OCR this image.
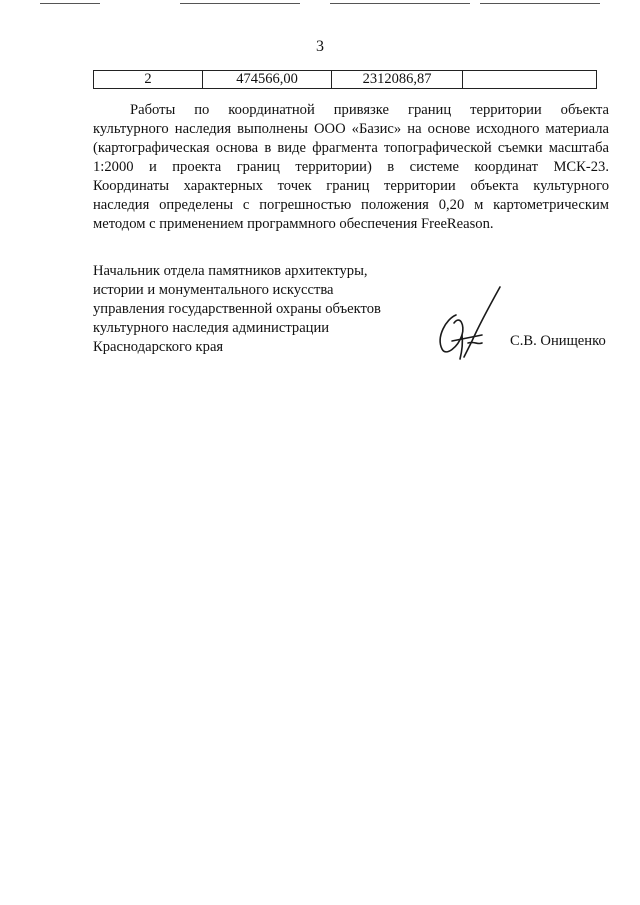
3
2	474566,00	2312086,87	
Работы по координатной привязке границ территории объекта
культурного наследия выполнены ООО «Базис» на основе исходного материала
(картографическая основа в виде фрагмента топографической съемки масштаба
1:2000 и проекта границ территории) в системе координат МСК-23.
Координаты характерных точек границ территории объекта культурного
наследия определены с погрешностью положения 0,20 м картометрическим
методом с применением программного обеспечения FreeReason.
Начальник отдела памятников архитектуры,
истории и монументального искусства
управления государственной охраны объектов
культурного наследия администрации
Краснодарского края	С.В. Онищенко
